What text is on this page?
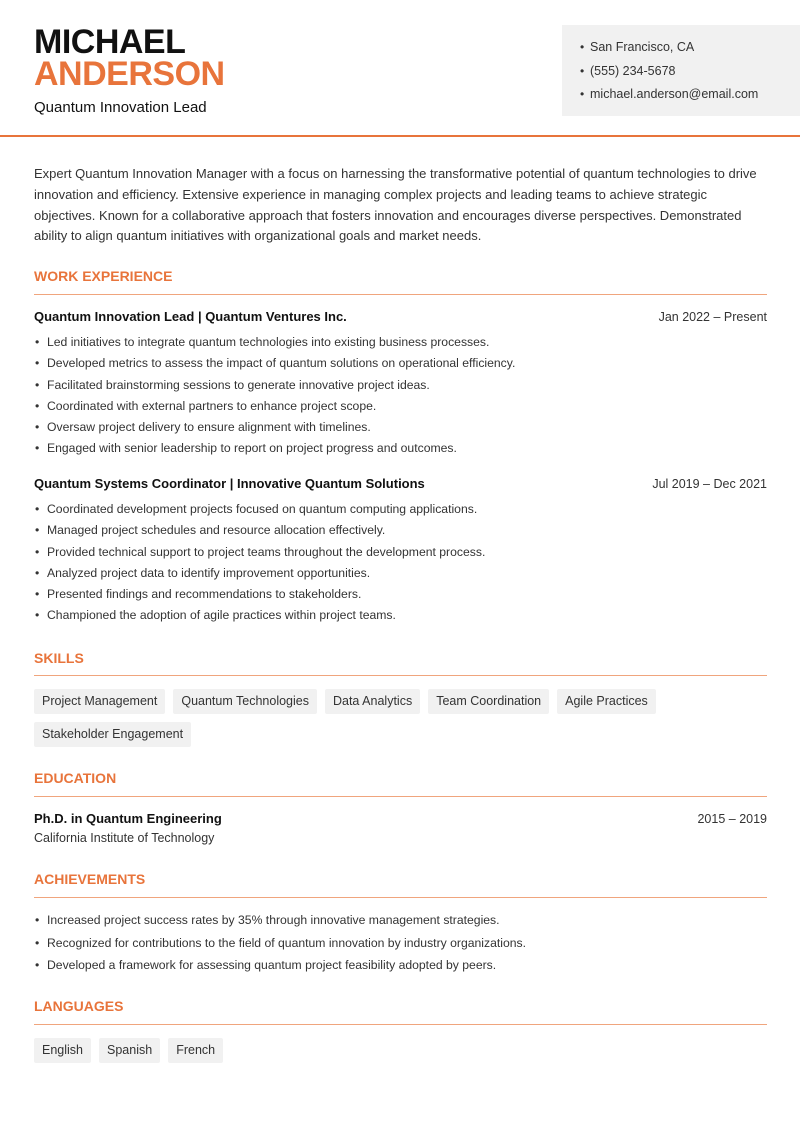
MICHAEL
ANDERSON
Quantum Innovation Lead
• San Francisco, CA
• (555) 234-5678
• michael.anderson@email.com
Expert Quantum Innovation Manager with a focus on harnessing the transformative potential of quantum technologies to drive innovation and efficiency. Extensive experience in managing complex projects and leading teams to achieve strategic objectives. Known for a collaborative approach that fosters innovation and encourages diverse perspectives. Demonstrated ability to align quantum initiatives with organizational goals and market needs.
WORK EXPERIENCE
Quantum Innovation Lead | Quantum Ventures Inc.	Jan 2022 – Present
• Led initiatives to integrate quantum technologies into existing business processes.
• Developed metrics to assess the impact of quantum solutions on operational efficiency.
• Facilitated brainstorming sessions to generate innovative project ideas.
• Coordinated with external partners to enhance project scope.
• Oversaw project delivery to ensure alignment with timelines.
• Engaged with senior leadership to report on project progress and outcomes.
Quantum Systems Coordinator | Innovative Quantum Solutions	Jul 2019 – Dec 2021
• Coordinated development projects focused on quantum computing applications.
• Managed project schedules and resource allocation effectively.
• Provided technical support to project teams throughout the development process.
• Analyzed project data to identify improvement opportunities.
• Presented findings and recommendations to stakeholders.
• Championed the adoption of agile practices within project teams.
SKILLS
Project Management	Quantum Technologies	Data Analytics	Team Coordination	Agile Practices
Stakeholder Engagement
EDUCATION
Ph.D. in Quantum Engineering	2015 – 2019
California Institute of Technology
ACHIEVEMENTS
• Increased project success rates by 35% through innovative management strategies.
• Recognized for contributions to the field of quantum innovation by industry organizations.
• Developed a framework for assessing quantum project feasibility adopted by peers.
LANGUAGES
English	Spanish	French
